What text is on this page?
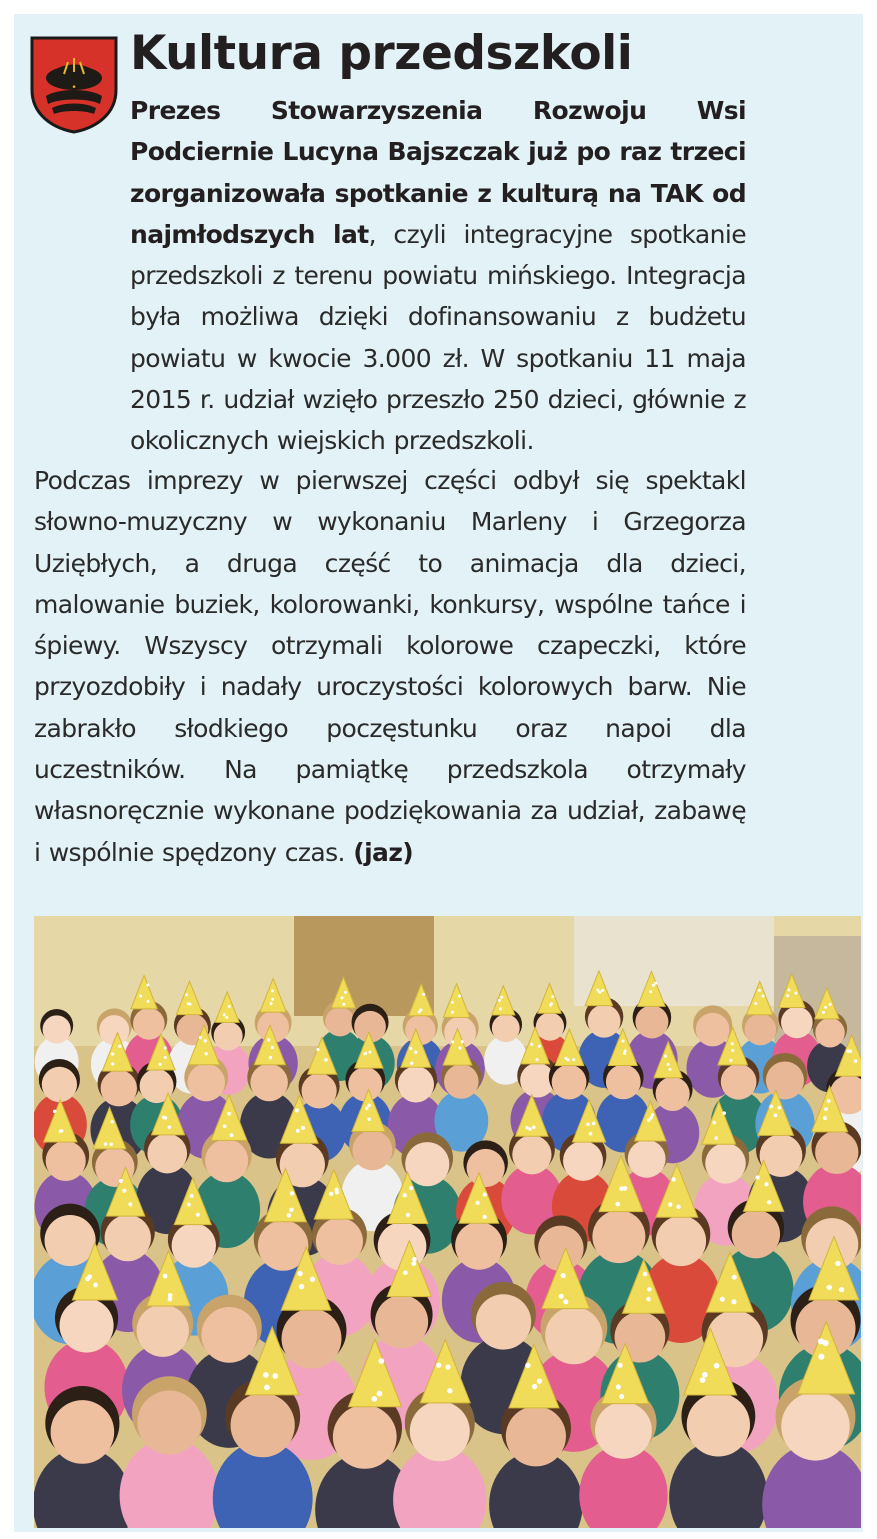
•
Kultura przedszkoli

Prezes Stowarzyszenia Rozwoju Wsi Podciernie Lucyna Bajszczak już po raz trzeci zorganizowała spotkanie z kulturą na TAK od najmłodszych lat, czyli integracyjne spotkanie przedszkoli z terenu powiatu mińskiego. Integracja była możliwa dzięki dofinansowaniu z budżetu powiatu w kwocie 3.000 zł. W spotkaniu 11 maja 2015 r. udział wzięło przeszło 250 dzieci, głównie z okolicznych wiejskich przedszkoli.

Podczas imprezy w pierwszej części odbył się spektakl słowno-muzyczny w wykonaniu Marleny i Grzegorza Uziębłych, a druga część to animacja dla dzieci, malowanie buziek, kolorowanki, konkursy, wspólne tańce i śpiewy. Wszyscy otrzymali kolorowe czapeczki, które przyozdobiły i nadały uroczystości kolorowych barw. Nie zabrakło słodkiego poczęstunku oraz napoi dla uczestników. Na pamiątkę przedszkola otrzymały własnoręcznie wykonane podziękowania za udział, zabawę i wspólnie spędzony czas. (jaz)
